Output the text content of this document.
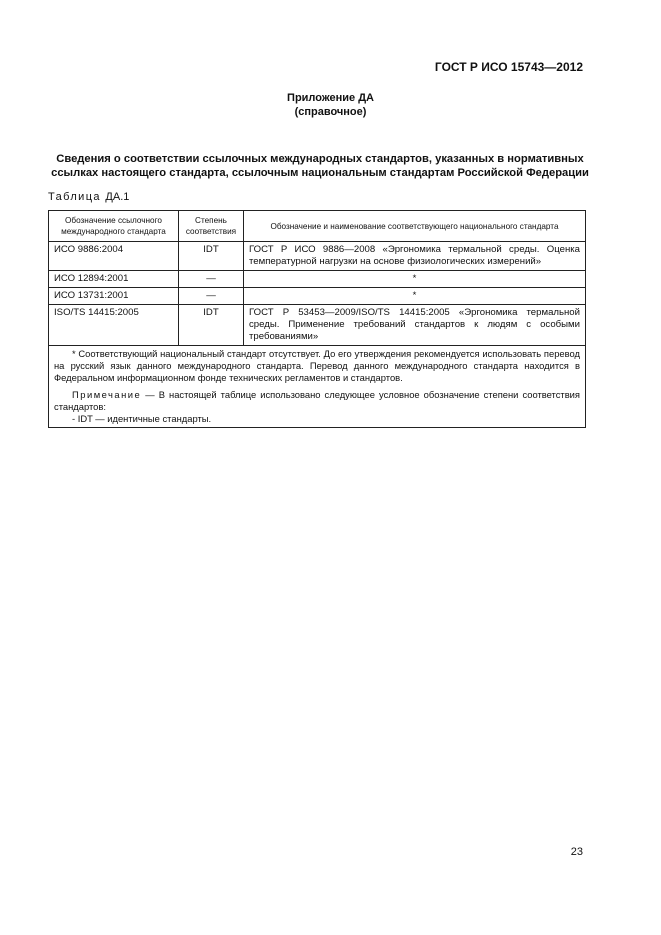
ГОСТ Р ИСО 15743—2012
Приложение ДА
(справочное)
Сведения о соответствии ссылочных международных стандартов, указанных в нормативных
ссылках настоящего стандарта, ссылочным национальным стандартам Российской Федерации
Таблица ДА.1
Обозначение ссылочного международного стандарта	Степень соответствия	Обозначение и наименование соответствующего национального стандарта
ИСО 9886:2004	IDT	ГОСТ Р ИСО 9886—2008 «Эргономика термальной среды. Оценка температурной нагрузки на основе физиологических измерений»
ИСО 12894:2001	—	*
ИСО 13731:2001	—	*
ISO/TS 14415:2005	IDT	ГОСТ Р 53453—2009/ISO/TS 14415:2005 «Эргономика термальной среды. Применение требований стандартов к людям с особыми требованиями»

* Соответствующий национальный стандарт отсутствует. До его утверждения рекомендуется использовать перевод на русский язык данного международного стандарта. Перевод данного международного стандарта находится в Федеральном информационном фонде технических регламентов и стандартов.
Примечание — В настоящей таблице использовано следующее условное обозначение степени соответствия стандартов:
- IDT — идентичные стандарты.		
23
